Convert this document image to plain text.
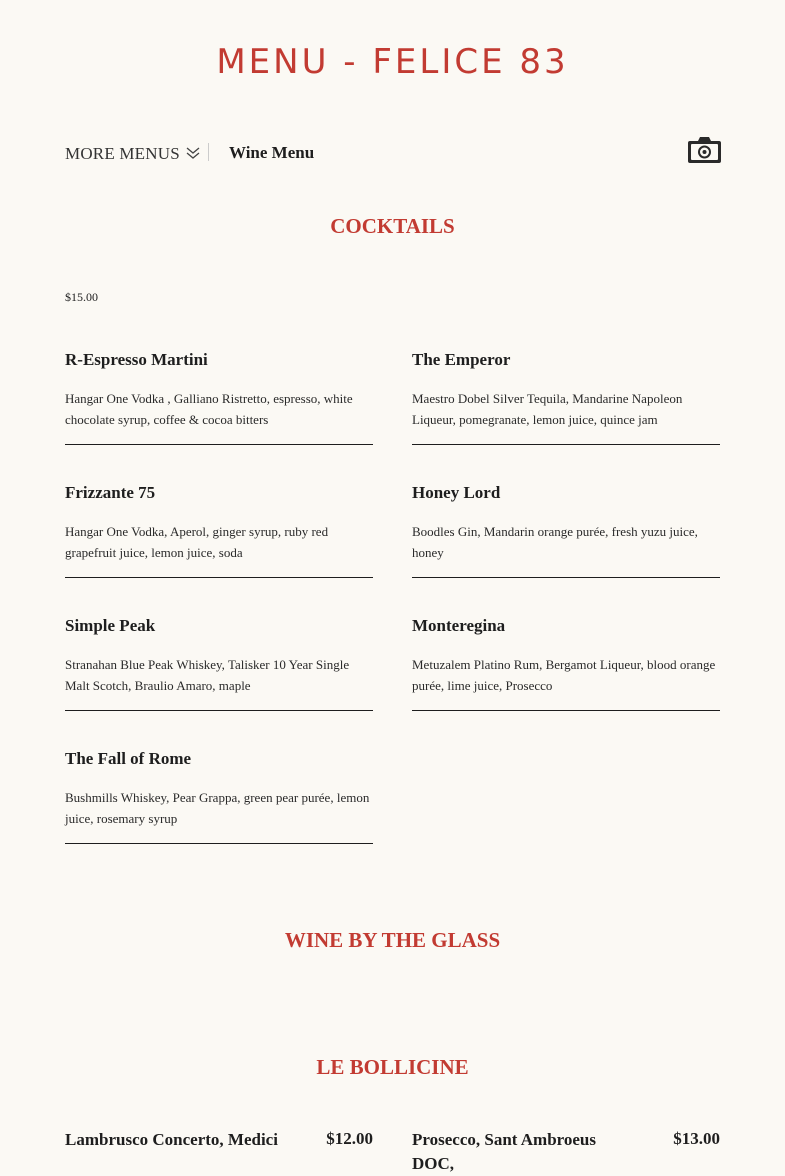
MENU - FELICE 83
MORE MENUS	Wine Menu
COCKTAILS
$15.00
R-Espresso Martini
Hangar One Vodka , Galliano Ristretto, espresso, white chocolate syrup, coffee & cocoa bitters
The Emperor
Maestro Dobel Silver Tequila, Mandarine Napoleon Liqueur, pomegranate, lemon juice, quince jam
Frizzante 75
Hangar One Vodka, Aperol, ginger syrup, ruby red grapefruit juice, lemon juice, soda
Honey Lord
Boodles Gin, Mandarin orange purée, fresh yuzu juice, honey
Simple Peak
Stranahan Blue Peak Whiskey, Talisker 10 Year Single Malt Scotch, Braulio Amaro, maple
Monteregina
Metuzalem Platino Rum, Bergamot Liqueur, blood orange purée, lime juice, Prosecco
The Fall of Rome
Bushmills Whiskey, Pear Grappa, green pear purée, lemon juice, rosemary syrup
WINE BY THE GLASS
LE BOLLICINE
Lambrusco Concerto, Medici	$12.00 Prosecco, Sant Ambroeus DOC,
$13.00
